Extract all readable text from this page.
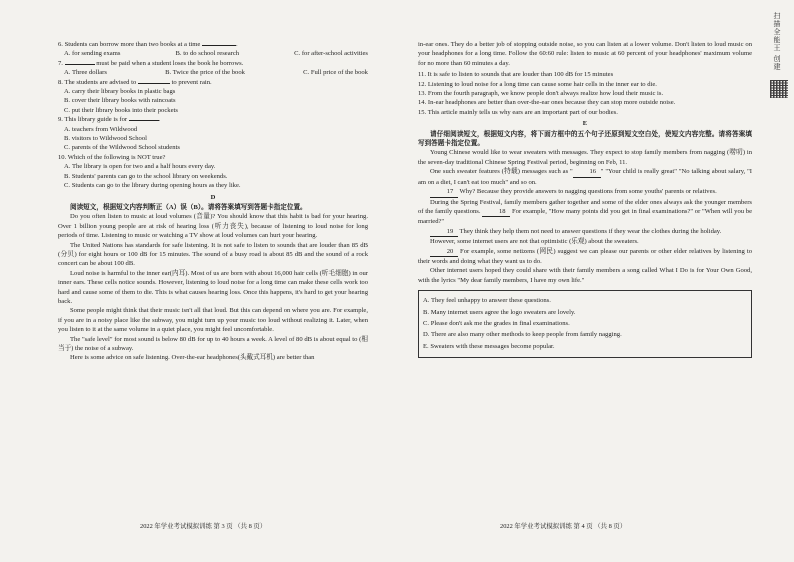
6. Students can borrow more than two books at a time	.
A. for sending exams	B. to do school research	C. for after-school activities
7.	must be paid when a student loses the book he borrows.
A. Three dollars	B. Twice the price of the book	C. Full price of the book
8. The students are advised to	to prevent rain.
A. carry their library books in plastic bags
B. cover their library books with raincoats
C. put their library books into their pockets
9. This library guide is for	.
A. teachers from Wildwood
B. visitors to Wildwood School
C. parents of the Wildwood School students
10. Which of the following is NOT true?
A. The library is open for two and a half hours every day.
B. Students' parents can go to the school library on weekends.
C. Students can go to the library during opening hours as they like.
D
阅读短文，根据短文内容判断正（A）误（B）。请将答案填写到答题卡指定位置。
Do you often listen to music at loud volumes (音量)? You should know that this habit is bad for your hearing. Over 1 billion young people are at risk of hearing loss (听力丧失), because of listening to loud noise for long periods of time. Listening to music or watching a TV show at loud volumes can hurt your hearing.
The United Nations has standards for safe listening. It is not safe to listen to sounds that are louder than 85 dB (分贝) for eight hours or 100 dB for 15 minutes. The sound of a busy road is about 85 dB and the sound of a rock concert can be about 100 dB.
Loud noise is harmful to the inner ear(内耳). Most of us are born with about 16,000 hair cells (听毛细胞) in our inner ears. These cells notice sounds. However, listening to loud noise for a long time can make these cells work too hard and cause some of them to die. This is what causes hearing loss. Once this happens, it's hard to get your hearing back.
Some people might think that their music isn't all that loud. But this can depend on where you are. For example, if you are in a noisy place like the subway, you might turn up your music too loud without realizing it. Later, when you listen to it at the same volume in a quiet place, you might feel uncomfortable.
The "safe level" for most sound is below 80 dB for up to 40 hours a week. A level of 80 dB is about equal to (相当于) the noise of a subway.
Here is some advice on safe listening. Over-the-ear headphones(头戴式耳机) are better than
in-ear ones. They do a better job of stopping outside noise, so you can listen at a lower volume. Don't listen to loud music on your headphones for a long time. Follow the 60:60 rule: listen to music at 60 percent of your headphones' maximum volume for no more than 60 minutes a day.
11. It is safe to listen to sounds that are louder than 100 dB for 15 minutes
12. Listening to loud noise for a long time can cause some hair cells in the inner ear to die.
13. From the fourth paragraph, we know people don't always realize how loud their music is.
14. In-ear headphones are better than over-the-ear ones because they can stop more outside noise.
15. This article mainly tells us why ears are an important part of our bodies.
E
请仔细阅读短文，根据短文内容，将下面方框中的五个句子还原到短文空白处，使短文内容完整。请将答案填写到答题卡指定位置。
Young Chinese would like to wear sweaters with messages. They expect to stop family members from nagging (唠叨) in the seven-day traditional Chinese Spring Festival period, beginning on Feb, 11.
One such sweater features (特载) messages such as "	16 " "Your child is really great" "No talking about salary, "I am on a diet, I can't eat too much" and so on.
17 Why? Because they provide answers to nagging questions from some youths' parents or relatives.
During the Spring Festival, family members gather together and some of the elder ones always ask the younger members of the family questions.	18 For example, "How many points did you get in final examinations?" or "When will you be married?"
19 They think they help them not need to answer questions if they wear the clothes during the holiday.
However, some internet users are not that optimistic (乐观) about the sweaters.
20 For example, some netizens (网民) suggest we can please our parents or other elder relatives by listening to their words and doing what they want us to do.
Other internet users hoped they could share with their family members a song called What I Do is for Your Own Good, with the lyrics "My dear family members, I have my own life."
A. They feel unhappy to answer these questions.
B. Many internet users agree the logo sweaters are lovely.
C. Please don't ask me the grades in final examinations.
D. There are also many other methods to keep people from family nagging.
E. Sweaters with these messages become popular.
2022 年学业考试模拟训练 第 3 页 （共 8 页）	2022 年学业考试模拟训练 第 4 页 （共 8 页）
扫描全能王 创建
